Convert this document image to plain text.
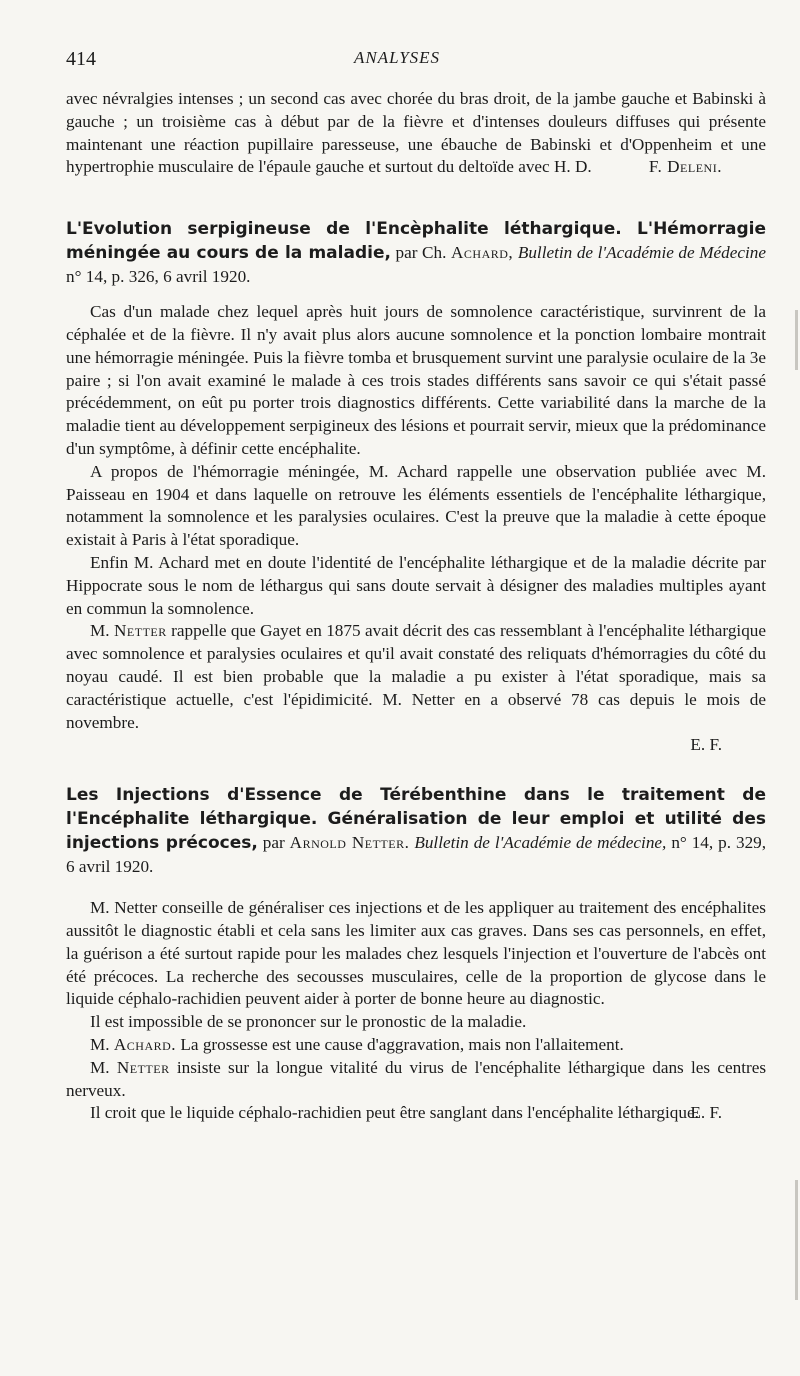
414	ANALYSES

avec névralgies intenses ; un second cas avec chorée du bras droit, de la jambe gauche et Babinski à gauche ; un troisième cas à début par de la fièvre et d'intenses douleurs diffuses qui présente maintenant une réaction pupillaire paresseuse, une ébauche de Babinski et d'Oppenheim et une hypertrophie musculaire de l'épaule gauche et surtout du deltoïde avec H. D.	F. Deleni.

L'Evolution serpigineuse de l'Encèphalite léthargique. L'Hémorragie méningée au cours de la maladie, par Ch. Achard, Bulletin de l'Académie de Médecine n° 14, p. 326, 6 avril 1920.

Cas d'un malade chez lequel après huit jours de somnolence caractéristique, survinrent de la céphalée et de la fièvre. Il n'y avait plus alors aucune somnolence et la ponction lombaire montrait une hémorragie méningée. Puis la fièvre tomba et brusquement survint une paralysie oculaire de la 3e paire ; si l'on avait examiné le malade à ces trois stades différents sans savoir ce qui s'était passé précédemment, on eût pu porter trois diagnostics différents. Cette variabilité dans la marche de la maladie tient au développement serpigineux des lésions et pourrait servir, mieux que la prédominance d'un symptôme, à définir cette encéphalite.

A propos de l'hémorragie méningée, M. Achard rappelle une observation publiée avec M. Paisseau en 1904 et dans laquelle on retrouve les éléments essentiels de l'encéphalite léthargique, notamment la somnolence et les paralysies oculaires. C'est la preuve que la maladie à cette époque existait à Paris à l'état sporadique.

Enfin M. Achard met en doute l'identité de l'encéphalite léthargique et de la maladie décrite par Hippocrate sous le nom de léthargus qui sans doute servait à désigner des maladies multiples ayant en commun la somnolence.

M. Netter rappelle que Gayet en 1875 avait décrit des cas ressemblant à l'encéphalite léthargique avec somnolence et paralysies oculaires et qu'il avait constaté des reliquats d'hémorragies du côté du noyau caudé. Il est bien probable que la maladie a pu exister à l'état sporadique, mais sa caractéristique actuelle, c'est l'épidimicité. M. Netter en a observé 78 cas depuis le mois de novembre.

E. F.

Les Injections d'Essence de Térébenthine dans le traitement de l'Encéphalite léthargique. Généralisation de leur emploi et utilité des injections précoces, par Arnold Netter. Bulletin de l'Académie de médecine, n° 14, p. 329, 6 avril 1920.

M. Netter conseille de généraliser ces injections et de les appliquer au traitement des encéphalites aussitôt le diagnostic établi et cela sans les limiter aux cas graves. Dans ses cas personnels, en effet, la guérison a été surtout rapide pour les malades chez lesquels l'injection et l'ouverture de l'abcès ont été précoces. La recherche des secousses musculaires, celle de la proportion de glycose dans le liquide céphalo-rachidien peuvent aider à porter de bonne heure au diagnostic.

Il est impossible de se prononcer sur le pronostic de la maladie.

M. Achard. La grossesse est une cause d'aggravation, mais non l'allaitement.

M. Netter insiste sur la longue vitalité du virus de l'encéphalite léthargique dans les centres nerveux.

Il croit que le liquide céphalo-rachidien peut être sanglant dans l'encéphalite léthargique.

E. F.
